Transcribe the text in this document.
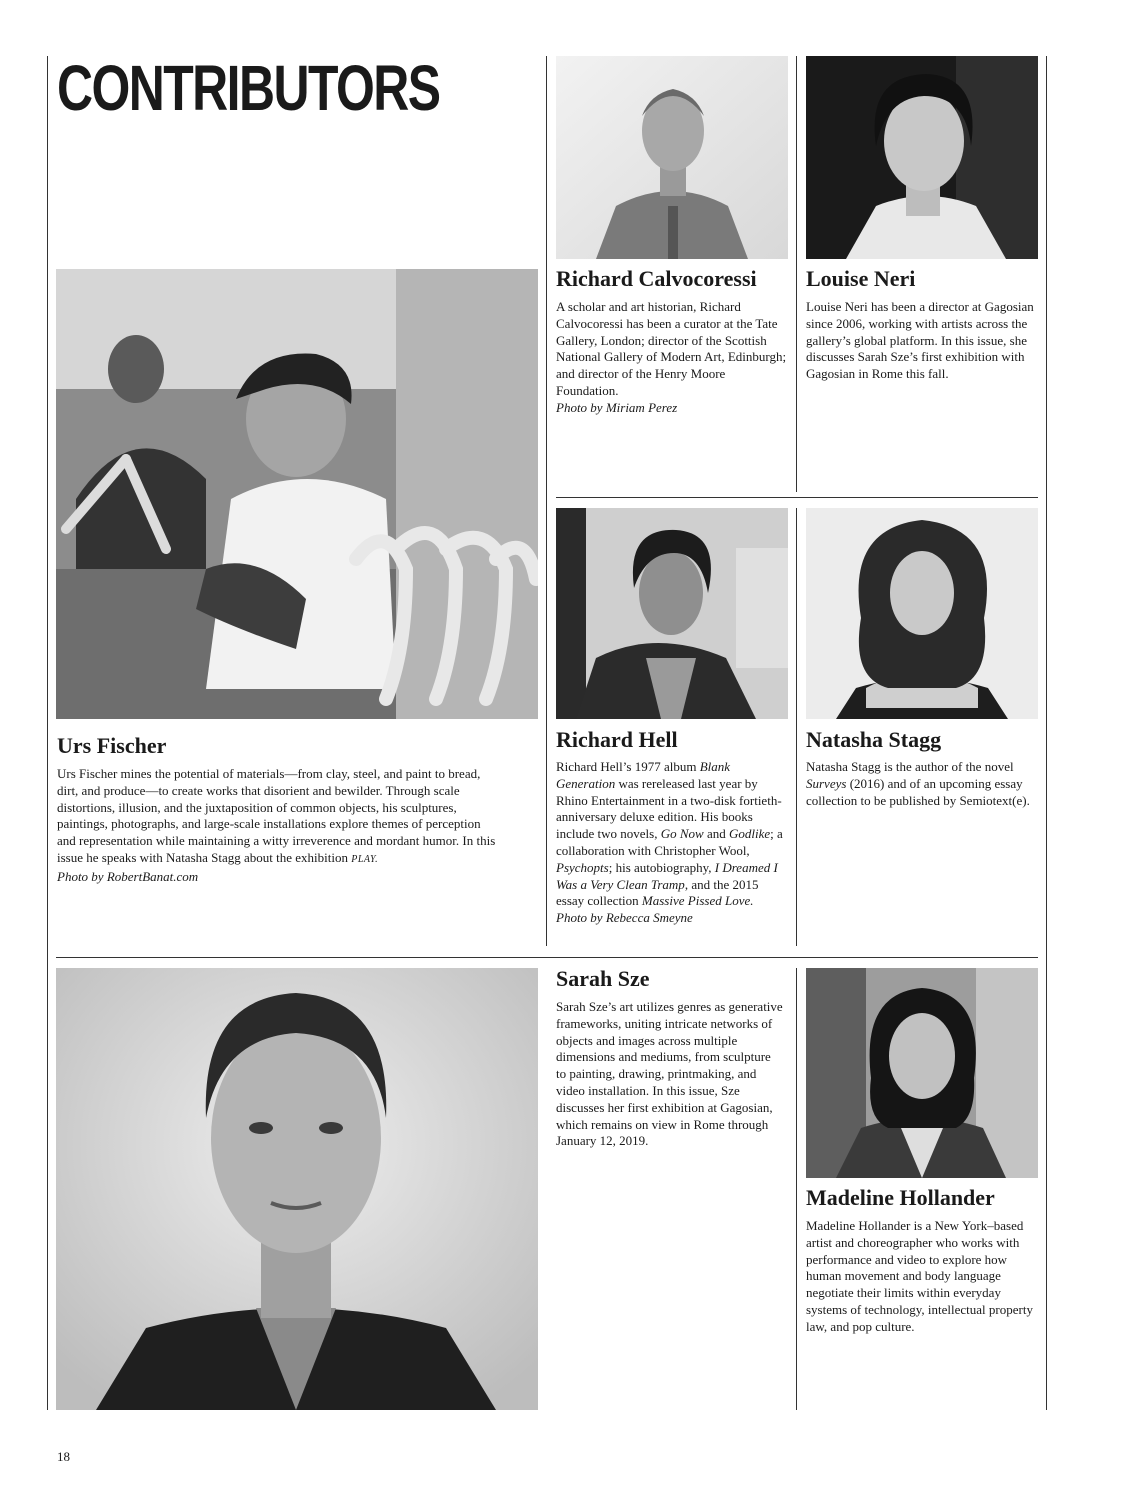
CONTRIBUTORS
Richard Calvocoressi

A scholar and art historian, Richard Calvocoressi has been a curator at the Tate Gallery, London; director of the Scottish National Gallery of Modern Art, Edinburgh; and director of the Henry Moore Foundation.

Photo by Miriam Perez

Louise Neri

Louise Neri has been a director at Gagosian since 2006, working with artists across the gallery’s global platform. In this issue, she discusses Sarah Sze’s first exhibition with Gagosian in Rome this fall.

Urs Fischer

Urs Fischer mines the potential of materials—from clay, steel, and paint to bread, dirt, and produce—to create works that disorient and bewilder. Through scale distortions, illusion, and the juxtaposition of common objects, his sculptures, paintings, photographs, and large-scale installations explore themes of perception and representation while maintaining a witty irreverence and mordant humor. In this issue he speaks with Natasha Stagg about the exhibition PLAY.

Photo by RobertBanat.com

Richard Hell

Richard Hell’s 1977 album Blank Generation was rereleased last year by Rhino Entertainment in a two-disk fortieth-anniversary deluxe edition. His books include two novels, Go Now and Godlike; a collaboration with Christopher Wool, Psychopts; his autobiography, I Dreamed I Was a Very Clean Tramp, and the 2015 essay collection Massive Pissed Love.

Photo by Rebecca Smeyne

Natasha Stagg

Natasha Stagg is the author of the novel Surveys (2016) and of an upcoming essay collection to be published by Semiotext(e).

Sarah Sze

Sarah Sze’s art utilizes genres as generative frameworks, uniting intricate networks of objects and images across multiple dimensions and mediums, from sculpture to painting, drawing, printmaking, and video installation. In this issue, Sze discusses her first exhibition at Gagosian, which remains on view in Rome through January 12, 2019.

Madeline Hollander

Madeline Hollander is a New York–based artist and choreographer who works with performance and video to explore how human movement and body language negotiate their limits within everyday systems of technology, intellectual property law, and pop culture.

18
